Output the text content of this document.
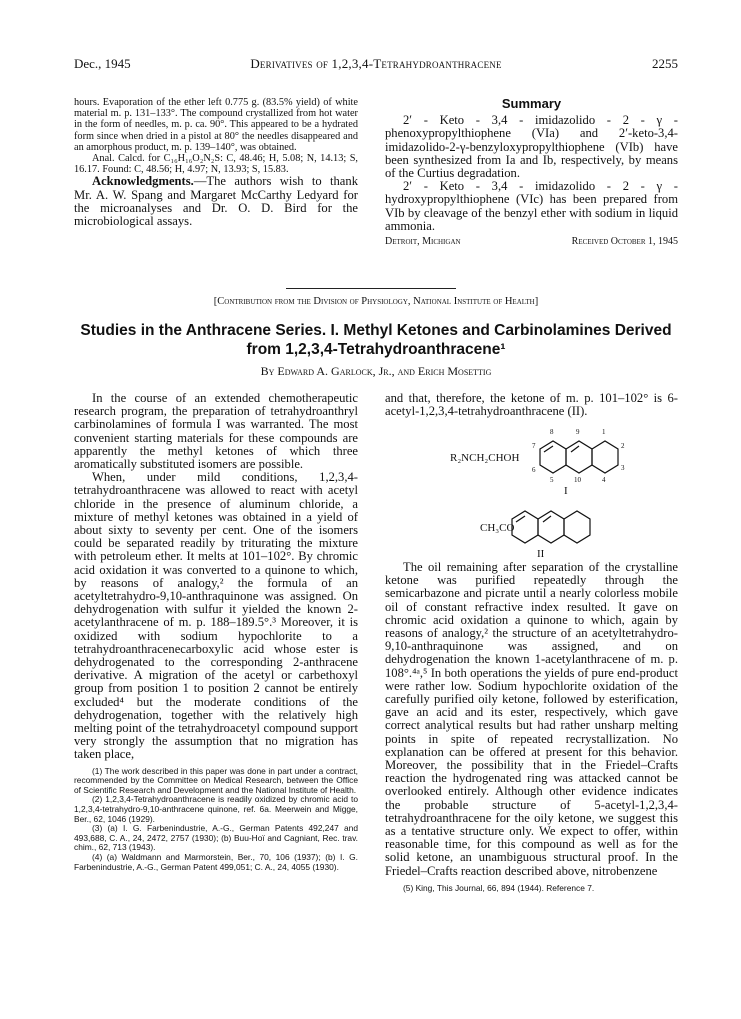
Dec., 1945	Derivatives of 1,2,3,4-Tetrahydroanthracene	2255

hours. Evaporation of the ether left 0.775 g. (83.5% yield) of white material m. p. 131–133°. The compound crystallized from hot water in the form of needles, m. p. ca. 90°. This appeared to be a hydrated form since when dried in a pistol at 80° the needles disappeared and an amorphous product, m. p. 139–140°, was obtained.

Anal. Calcd. for C₁₆H₁₆O₂N₂S: C, 48.46; H, 5.08; N, 14.13; S, 16.17. Found: C, 48.56; H, 4.97; N, 13.93; S, 15.83.

Acknowledgments.—The authors wish to thank Mr. A. W. Spang and Margaret McCarthy Ledyard for the microanalyses and Dr. O. D. Bird for the microbiological assays.

Summary

2′ - Keto - 3,4 - imidazolido - 2 - γ - phenoxypropylthiophene (VIa) and 2′-keto-3,4-imidazolido-2-γ-benzyloxypropylthiophene (VIb) have been synthesized from Ia and Ib, respectively, by means of the Curtius degradation.

2′ - Keto - 3,4 - imidazolido - 2 - γ - hydroxypropylthiophene (VIc) has been prepared from VIb by cleavage of the benzyl ether with sodium in liquid ammonia.

Detroit, Michigan	Received October 1, 1945
[Contribution from the Division of Physiology, National Institute of Health]
Studies in the Anthracene Series. I. Methyl Ketones and Carbinolamines Derived from 1,2,3,4-Tetrahydroanthracene¹
By Edward A. Garlock, Jr., and Erich Mosettig

In the course of an extended chemotherapeutic research program, the preparation of tetrahydroanthryl carbinolamines of formula I was warranted. The most convenient starting materials for these compounds are apparently the methyl ketones of which three aromatically substituted isomers are possible.

When, under mild conditions, 1,2,3,4-tetrahydroanthracene was allowed to react with acetyl chloride in the presence of aluminum chloride, a mixture of methyl ketones was obtained in a yield of about sixty to seventy per cent. One of the isomers could be separated readily by triturating the mixture with petroleum ether. It melts at 101–102°. By chromic acid oxidation it was converted to a quinone to which, by reasons of analogy,² the formula of an acetyltetrahydro-9,10-anthraquinone was assigned. On dehydrogenation with sulfur it yielded the known 2-acetylanthracene of m. p. 188–189.5°.³ Moreover, it is oxidized with sodium hypochlorite to a tetrahydroanthracenecarboxylic acid whose ester is dehydrogenated to the corresponding 2-anthracene derivative. A migration of the acetyl or carbethoxyl group from position 1 to position 2 cannot be entirely excluded⁴ but the moderate conditions of the dehydrogenation, together with the relatively high melting point of the tetrahydroacetyl compound support very strongly the assumption that no migration has taken place,

(1) The work described in this paper was done in part under a contract, recommended by the Committee on Medical Research, between the Office of Scientific Research and Development and the National Institute of Health.

(2) 1,2,3,4-Tetrahydroanthracene is readily oxidized by chromic acid to 1,2,3,4-tetrahydro-9,10-anthracene quinone, ref. 6a. Meerwein and Migge, Ber., 62, 1046 (1929).

(3) (a) I. G. Farbenindustrie, A.-G., German Patents 492,247 and 493,688, C. A., 24, 2472, 2757 (1930); (b) Buu-Hoï and Cagniant, Rec. trav. chim., 62, 713 (1943).

(4) (a) Waldmann and Marmorstein, Ber., 70, 106 (1937); (b) I. G. Farbenindustrie, A.-G., German Patent 499,051; C. A., 24, 4055 (1930).

and that, therefore, the ketone of m. p. 101–102° is 6-acetyl-1,2,3,4-tetrahydroanthracene (II).

8	9	1
7	2
3
5	10	4
6
R₂NCH₂CHOH
I
CH₃CO
II

The oil remaining after separation of the crystalline ketone was purified repeatedly through the semicarbazone and picrate until a nearly colorless mobile oil of constant refractive index resulted. It gave on chromic acid oxidation a quinone to which, again by reasons of analogy,² the structure of an acetyltetrahydro-9,10-anthraquinone was assigned, and on dehydrogenation the known 1-acetylanthracene of m. p. 108°.⁴ᵃ,⁵ In both operations the yields of pure end-product were rather low. Sodium hypochlorite oxidation of the carefully purified oily ketone, followed by esterification, gave an acid and its ester, respectively, which gave correct analytical results but had rather unsharp melting points in spite of repeated recrystallization. No explanation can be offered at present for this behavior. Moreover, the possibility that in the Friedel–Crafts reaction the hydrogenated ring was attacked cannot be overlooked entirely. Although other evidence indicates the probable structure of 5-acetyl-1,2,3,4-tetrahydroanthracene for the oily ketone, we suggest this as a tentative structure only. We expect to offer, within reasonable time, for this compound as well as for the solid ketone, an unambiguous structural proof. In the Friedel–Crafts reaction described above, nitrobenzene

(5) King, This Journal, 66, 894 (1944). Reference 7.
